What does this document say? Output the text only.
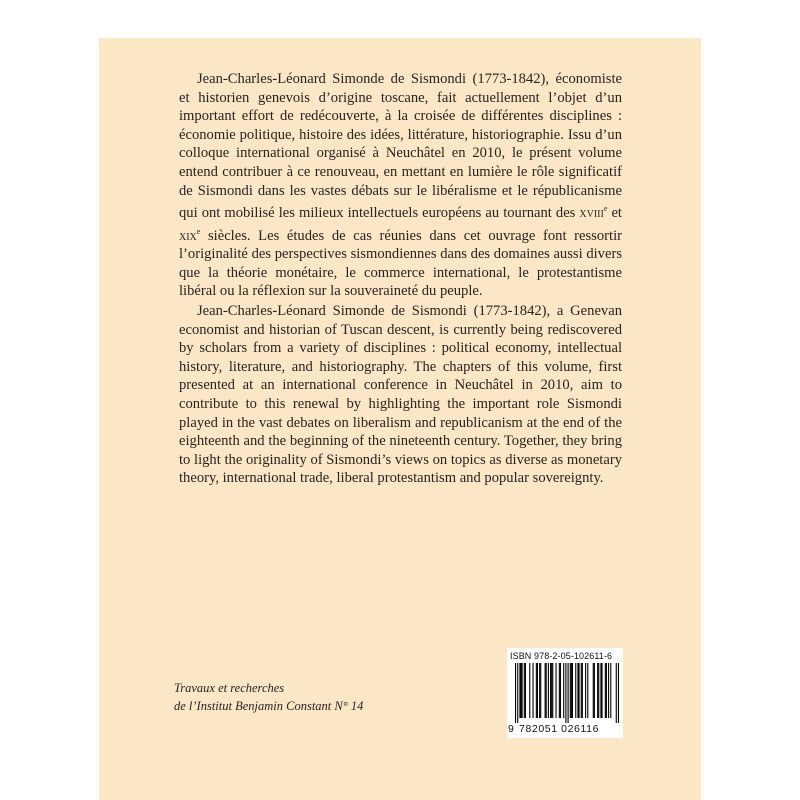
Jean-Charles-Léonard Simonde de Sismondi (1773-1842), économiste et historien genevois d’origine toscane, fait actuellement l’objet d’un important effort de redécouverte, à la croisée de différentes disciplines : économie politique, histoire des idées, littérature, historiographie. Issu d’un colloque international organisé à Neuchâtel en 2010, le présent volume entend contribuer à ce renouveau, en mettant en lumière le rôle significatif de Sismondi dans les vastes débats sur le libéralisme et le républicanisme qui ont mobilisé les milieux intellectuels européens au tournant des xviii$^e$ et xix$^e$ siècles. Les études de cas réunies dans cet ouvrage font ressortir l’originalité des perspectives sismondiennes dans des domaines aussi divers que la théorie monétaire, le commerce international, le protestantisme libéral ou la réflexion sur la souveraineté du peuple.

Jean-Charles-Léonard Simonde de Sismondi (1773-1842), a Genevan economist and historian of Tuscan descent, is currently being rediscovered by scholars from a variety of disciplines : political economy, intellectual history, literature, and historiography. The chapters of this volume, first presented at an international conference in Neuchâtel in 2010, aim to contribute to this renewal by highlighting the important role Sismondi played in the vast debates on liberalism and republicanism at the end of the eighteenth and the beginning of the nineteenth century. Together, they bring to light the originality of Sismondi’s views on topics as diverse as monetary theory, international trade, liberal protestantism and popular sovereignty.

Travaux et recherches
de l’Institut Benjamin Constant N° 14
ISBN 978-2-05-102611-6
9 782051 026116
